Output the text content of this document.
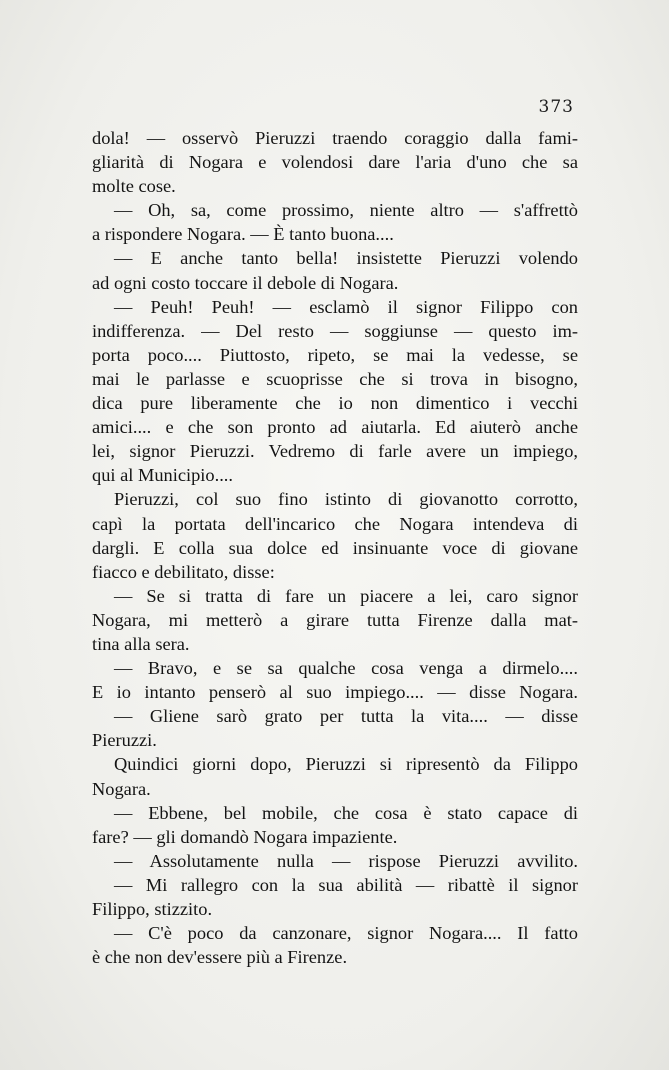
373
dola! — osservò Pieruzzi traendo coraggio dalla fami-
gliarità di Nogara e volendosi dare l'aria d'uno che sa
molte cose.
— Oh, sa, come prossimo, niente altro — s'affrettò
a rispondere Nogara. — È tanto buona....
— E anche tanto bella! insistette Pieruzzi volendo
ad ogni costo toccare il debole di Nogara.
— Peuh! Peuh! — esclamò il signor Filippo con
indifferenza. — Del resto — soggiunse — questo im-
porta poco.... Piuttosto, ripeto, se mai la vedesse, se
mai le parlasse e scuoprisse che si trova in bisogno,
dica pure liberamente che io non dimentico i vecchi
amici.... e che son pronto ad aiutarla. Ed aiuterò anche
lei, signor Pieruzzi. Vedremo di farle avere un impiego,
qui al Municipio....
Pieruzzi, col suo fino istinto di giovanotto corrotto,
capì la portata dell'incarico che Nogara intendeva di
dargli. E colla sua dolce ed insinuante voce di giovane
fiacco e debilitato, disse:
— Se si tratta di fare un piacere a lei, caro signor
Nogara, mi metterò a girare tutta Firenze dalla mat-
tina alla sera.
— Bravo, e se sa qualche cosa venga a dirmelo....
E io intanto penserò al suo impiego.... — disse Nogara.
— Gliene sarò grato per tutta la vita.... — disse
Pieruzzi.
Quindici giorni dopo, Pieruzzi si ripresentò da Filippo
Nogara.
— Ebbene, bel mobile, che cosa è stato capace di
fare? — gli domandò Nogara impaziente.
— Assolutamente nulla — rispose Pieruzzi avvilito.
— Mi rallegro con la sua abilità — ribattè il signor
Filippo, stizzito.
— C'è poco da canzonare, signor Nogara.... Il fatto
è che non dev'essere più a Firenze.
